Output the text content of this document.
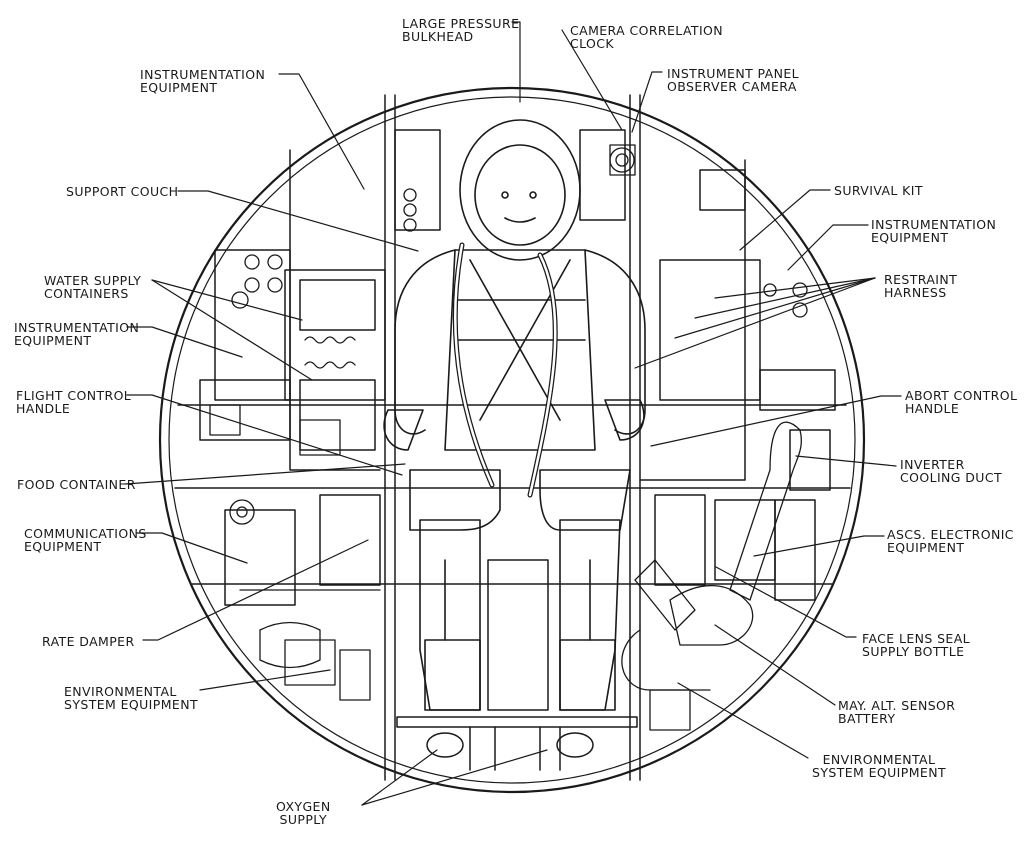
LARGE PRESSURE
BULKHEAD	CAMERA CORRELATION
CLOCK
INSTRUMENT PANEL
OBSERVER CAMERA
INSTRUMENTATION
EQUIPMENT
SUPPORT COUCH	SURVIVAL KIT
INSTRUMENTATION
EQUIPMENT
WATER SUPPLY
CONTAINERS
RESTRAINT
HARNESS
INSTRUMENTATION
EQUIPMENT
FLIGHT CONTROL
HANDLE
ABORT CONTROL
HANDLE
FOOD CONTAINER
INVERTER
COOLING DUCT
COMMUNICATIONS
EQUIPMENT
ASCS. ELECTRONIC
EQUIPMENT
RATE DAMPER	FACE LENS SEAL
SUPPLY BOTTLE
ENVIRONMENTAL
SYSTEM EQUIPMENT	MAY. ALT. SENSOR
BATTERY
ENVIRONMENTAL
SYSTEM EQUIPMENT
OXYGEN
SUPPLY
